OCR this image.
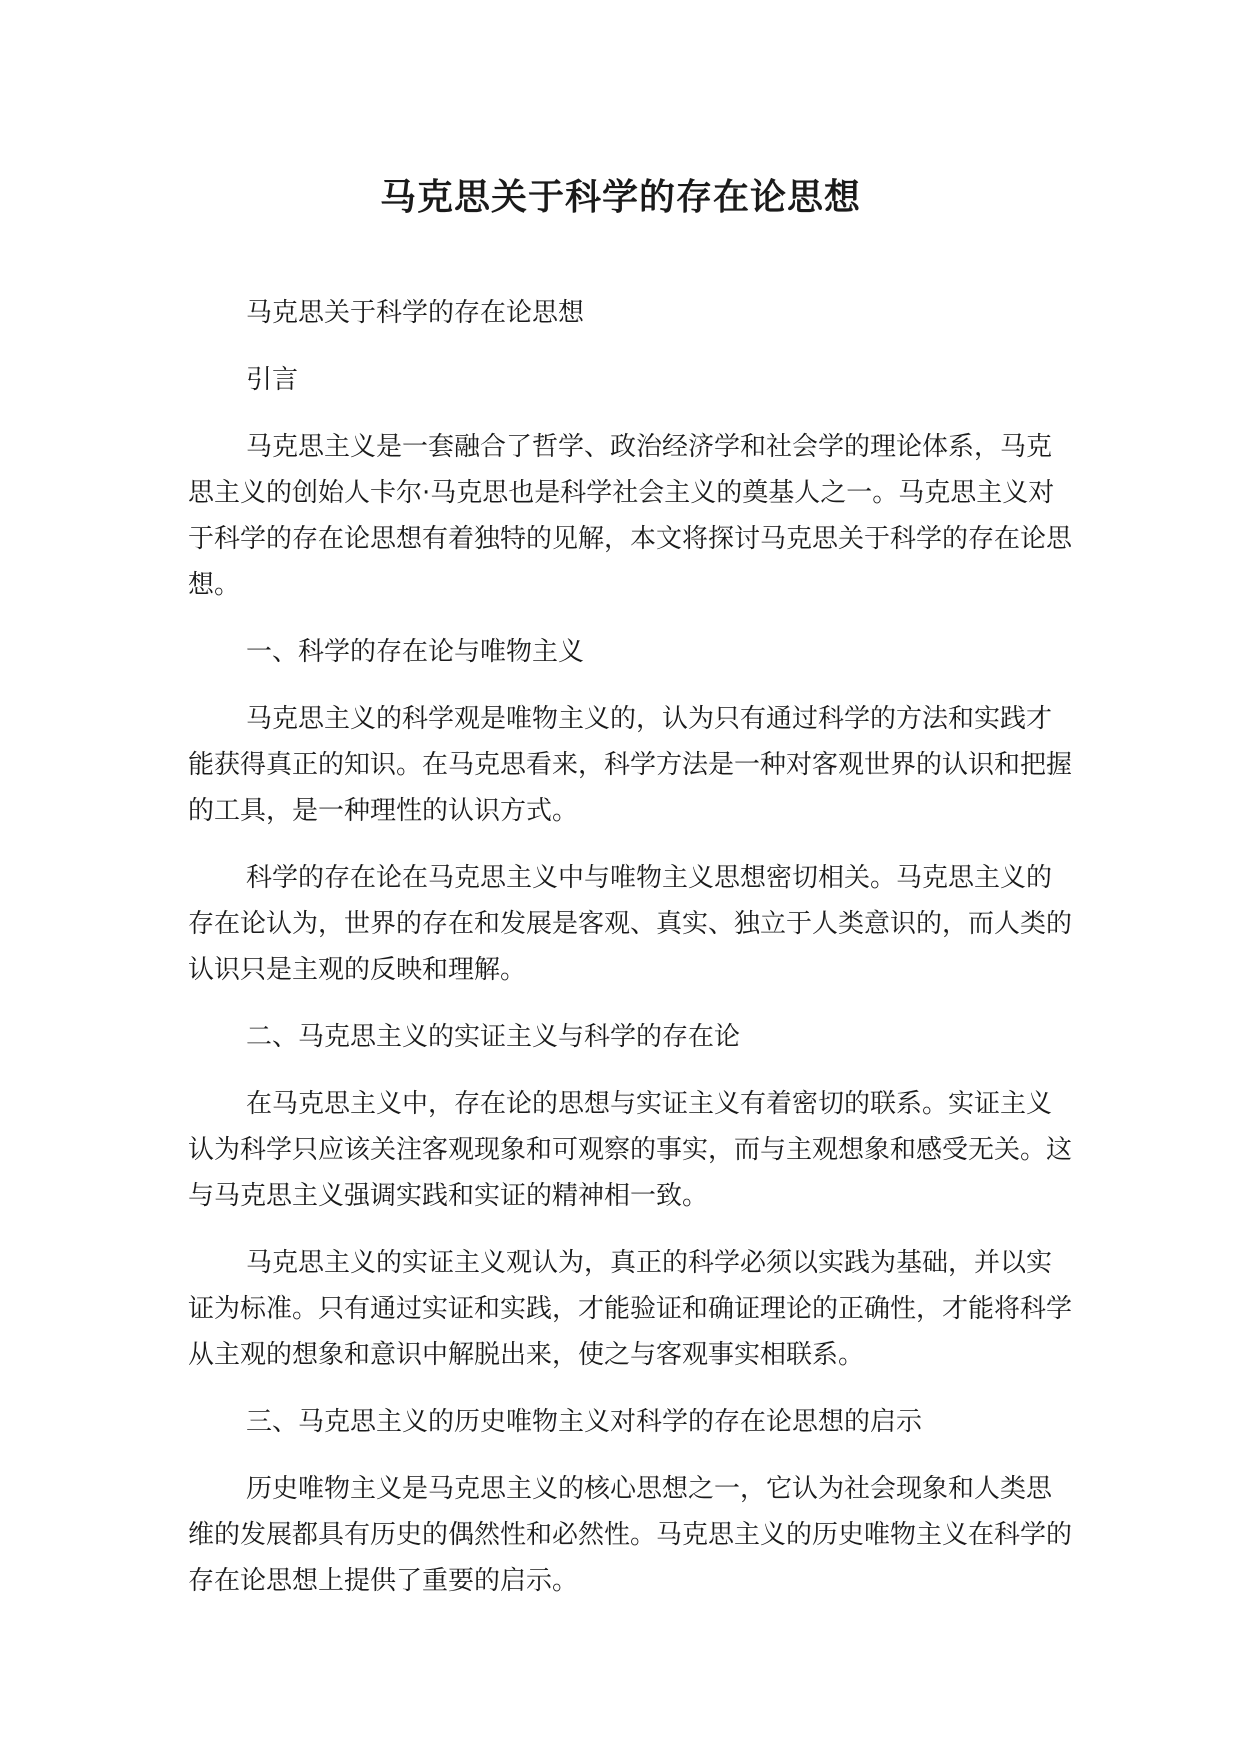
马克思关于科学的存在论思想

马克思关于科学的存在论思想

引言

马克思主义是一套融合了哲学、政治经济学和社会学的理论体系，马克思主义的创始人卡尔·马克思也是科学社会主义的奠基人之一。马克思主义对于科学的存在论思想有着独特的见解，本文将探讨马克思关于科学的存在论思想。

一、科学的存在论与唯物主义

马克思主义的科学观是唯物主义的，认为只有通过科学的方法和实践才能获得真正的知识。在马克思看来，科学方法是一种对客观世界的认识和把握的工具，是一种理性的认识方式。

科学的存在论在马克思主义中与唯物主义思想密切相关。马克思主义的存在论认为，世界的存在和发展是客观、真实、独立于人类意识的，而人类的认识只是主观的反映和理解。

二、马克思主义的实证主义与科学的存在论

在马克思主义中，存在论的思想与实证主义有着密切的联系。实证主义认为科学只应该关注客观现象和可观察的事实，而与主观想象和感受无关。这与马克思主义强调实践和实证的精神相一致。

马克思主义的实证主义观认为，真正的科学必须以实践为基础，并以实证为标准。只有通过实证和实践，才能验证和确证理论的正确性，才能将科学从主观的想象和意识中解脱出来，使之与客观事实相联系。

三、马克思主义的历史唯物主义对科学的存在论思想的启示

历史唯物主义是马克思主义的核心思想之一，它认为社会现象和人类思维的发展都具有历史的偶然性和必然性。马克思主义的历史唯物主义在科学的存在论思想上提供了重要的启示。
